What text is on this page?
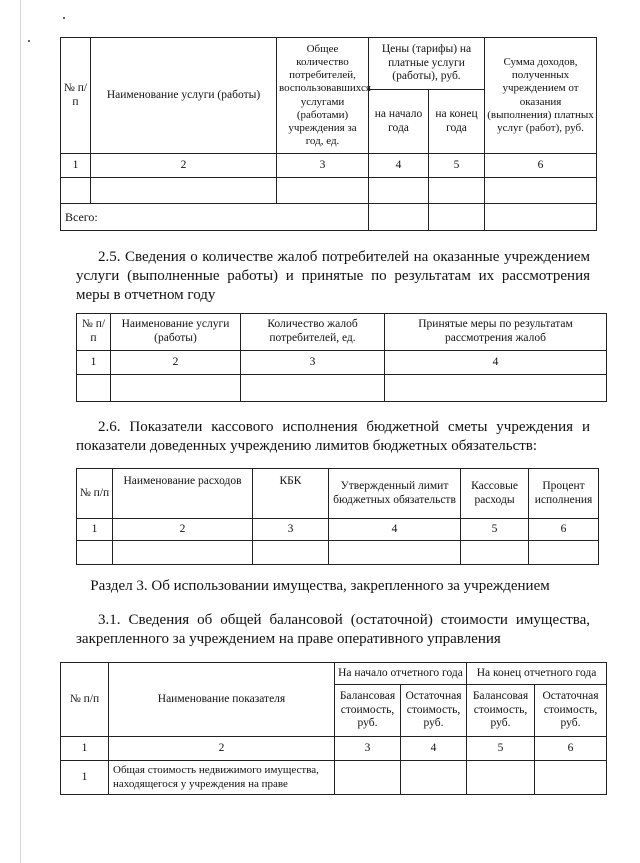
№ п/п	Наименование услуги (работы)	Общее количество потребителей, воспользовавшихся услугами (работами) учреждения за год, ед.	Цены (тарифы) на платные услуги (работы), руб.		Сумма доходов, полученных учреждением от оказания (выполнения) платных услуг (работ), руб.
			на начало года	на конец года	
1	2	3	4	5	6

Всего:					

2.5. Сведения о количестве жалоб потребителей на оказанные учреждением услуги (выполненные работы) и принятые по результатам их рассмотрения меры в отчетном году

№ п/п	Наименование услуги (работы)	Количество жалоб потребителей, ед.	Принятые меры по результатам рассмотрения жалоб
1	2	3	4

2.6. Показатели кассового исполнения бюджетной сметы учреждения и показатели доведенных учреждению лимитов бюджетных обязательств:

№ п/п	Наименование расходов	КБК	Утвержденный лимит бюджетных обязательств	Кассовые расходы	Процент исполнения
1	2	3	4	5	6

Раздел 3. Об использовании имущества, закрепленного за учреждением

3.1. Сведения об общей балансовой (остаточной) стоимости имущества, закрепленного за учреждением на праве оперативного управления

№ п/п	Наименование показателя	На начало отчетного года		На конец отчетного года	
		Балансовая стоимость, руб.	Остаточная стоимость, руб.	Балансовая стоимость, руб.	Остаточная стоимость, руб.
1	2	3	4	5	6
1	Общая стоимость недвижимого имущества, находящегося у учреждения на праве				
